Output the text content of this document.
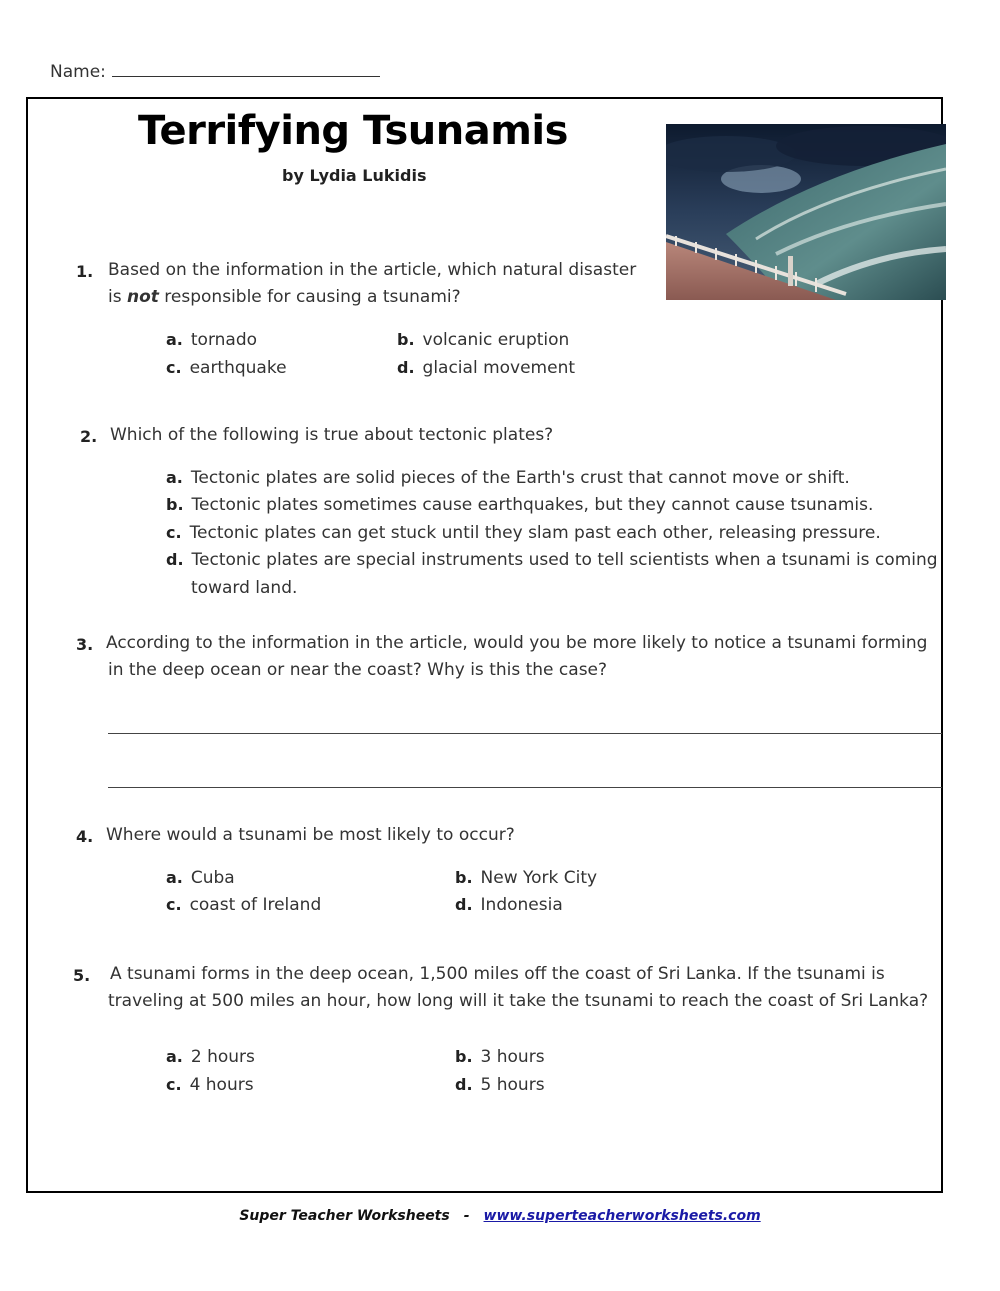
Name:
Terrifying Tsunamis
by Lydia Lukidis
1. Based on the information in the article, which natural disaster
is not responsible for causing a tsunami?
a. tornado	b. volcanic eruption
c. earthquake	d. glacial movement
2. Which of the following is true about tectonic plates?
a. Tectonic plates are solid pieces of the Earth's crust that cannot move or shift.
b. Tectonic plates sometimes cause earthquakes, but they cannot cause tsunamis.
c. Tectonic plates can get stuck until they slam past each other, releasing pressure.
d. Tectonic plates are special instruments used to tell scientists when a tsunami is coming
toward land.
3. According to the information in the article, would you be more likely to notice a tsunami forming
in the deep ocean or near the coast? Why is this the case?
4. Where would a tsunami be most likely to occur?
a. Cuba	b. New York City
c. coast of Ireland	d. Indonesia
5. A tsunami forms in the deep ocean, 1,500 miles off the coast of Sri Lanka. If the tsunami is
traveling at 500 miles an hour, how long will it take the tsunami to reach the coast of Sri Lanka?
a. 2 hours	b. 3 hours
c. 4 hours	d. 5 hours
Super Teacher Worksheets - www.superteacherworksheets.com
